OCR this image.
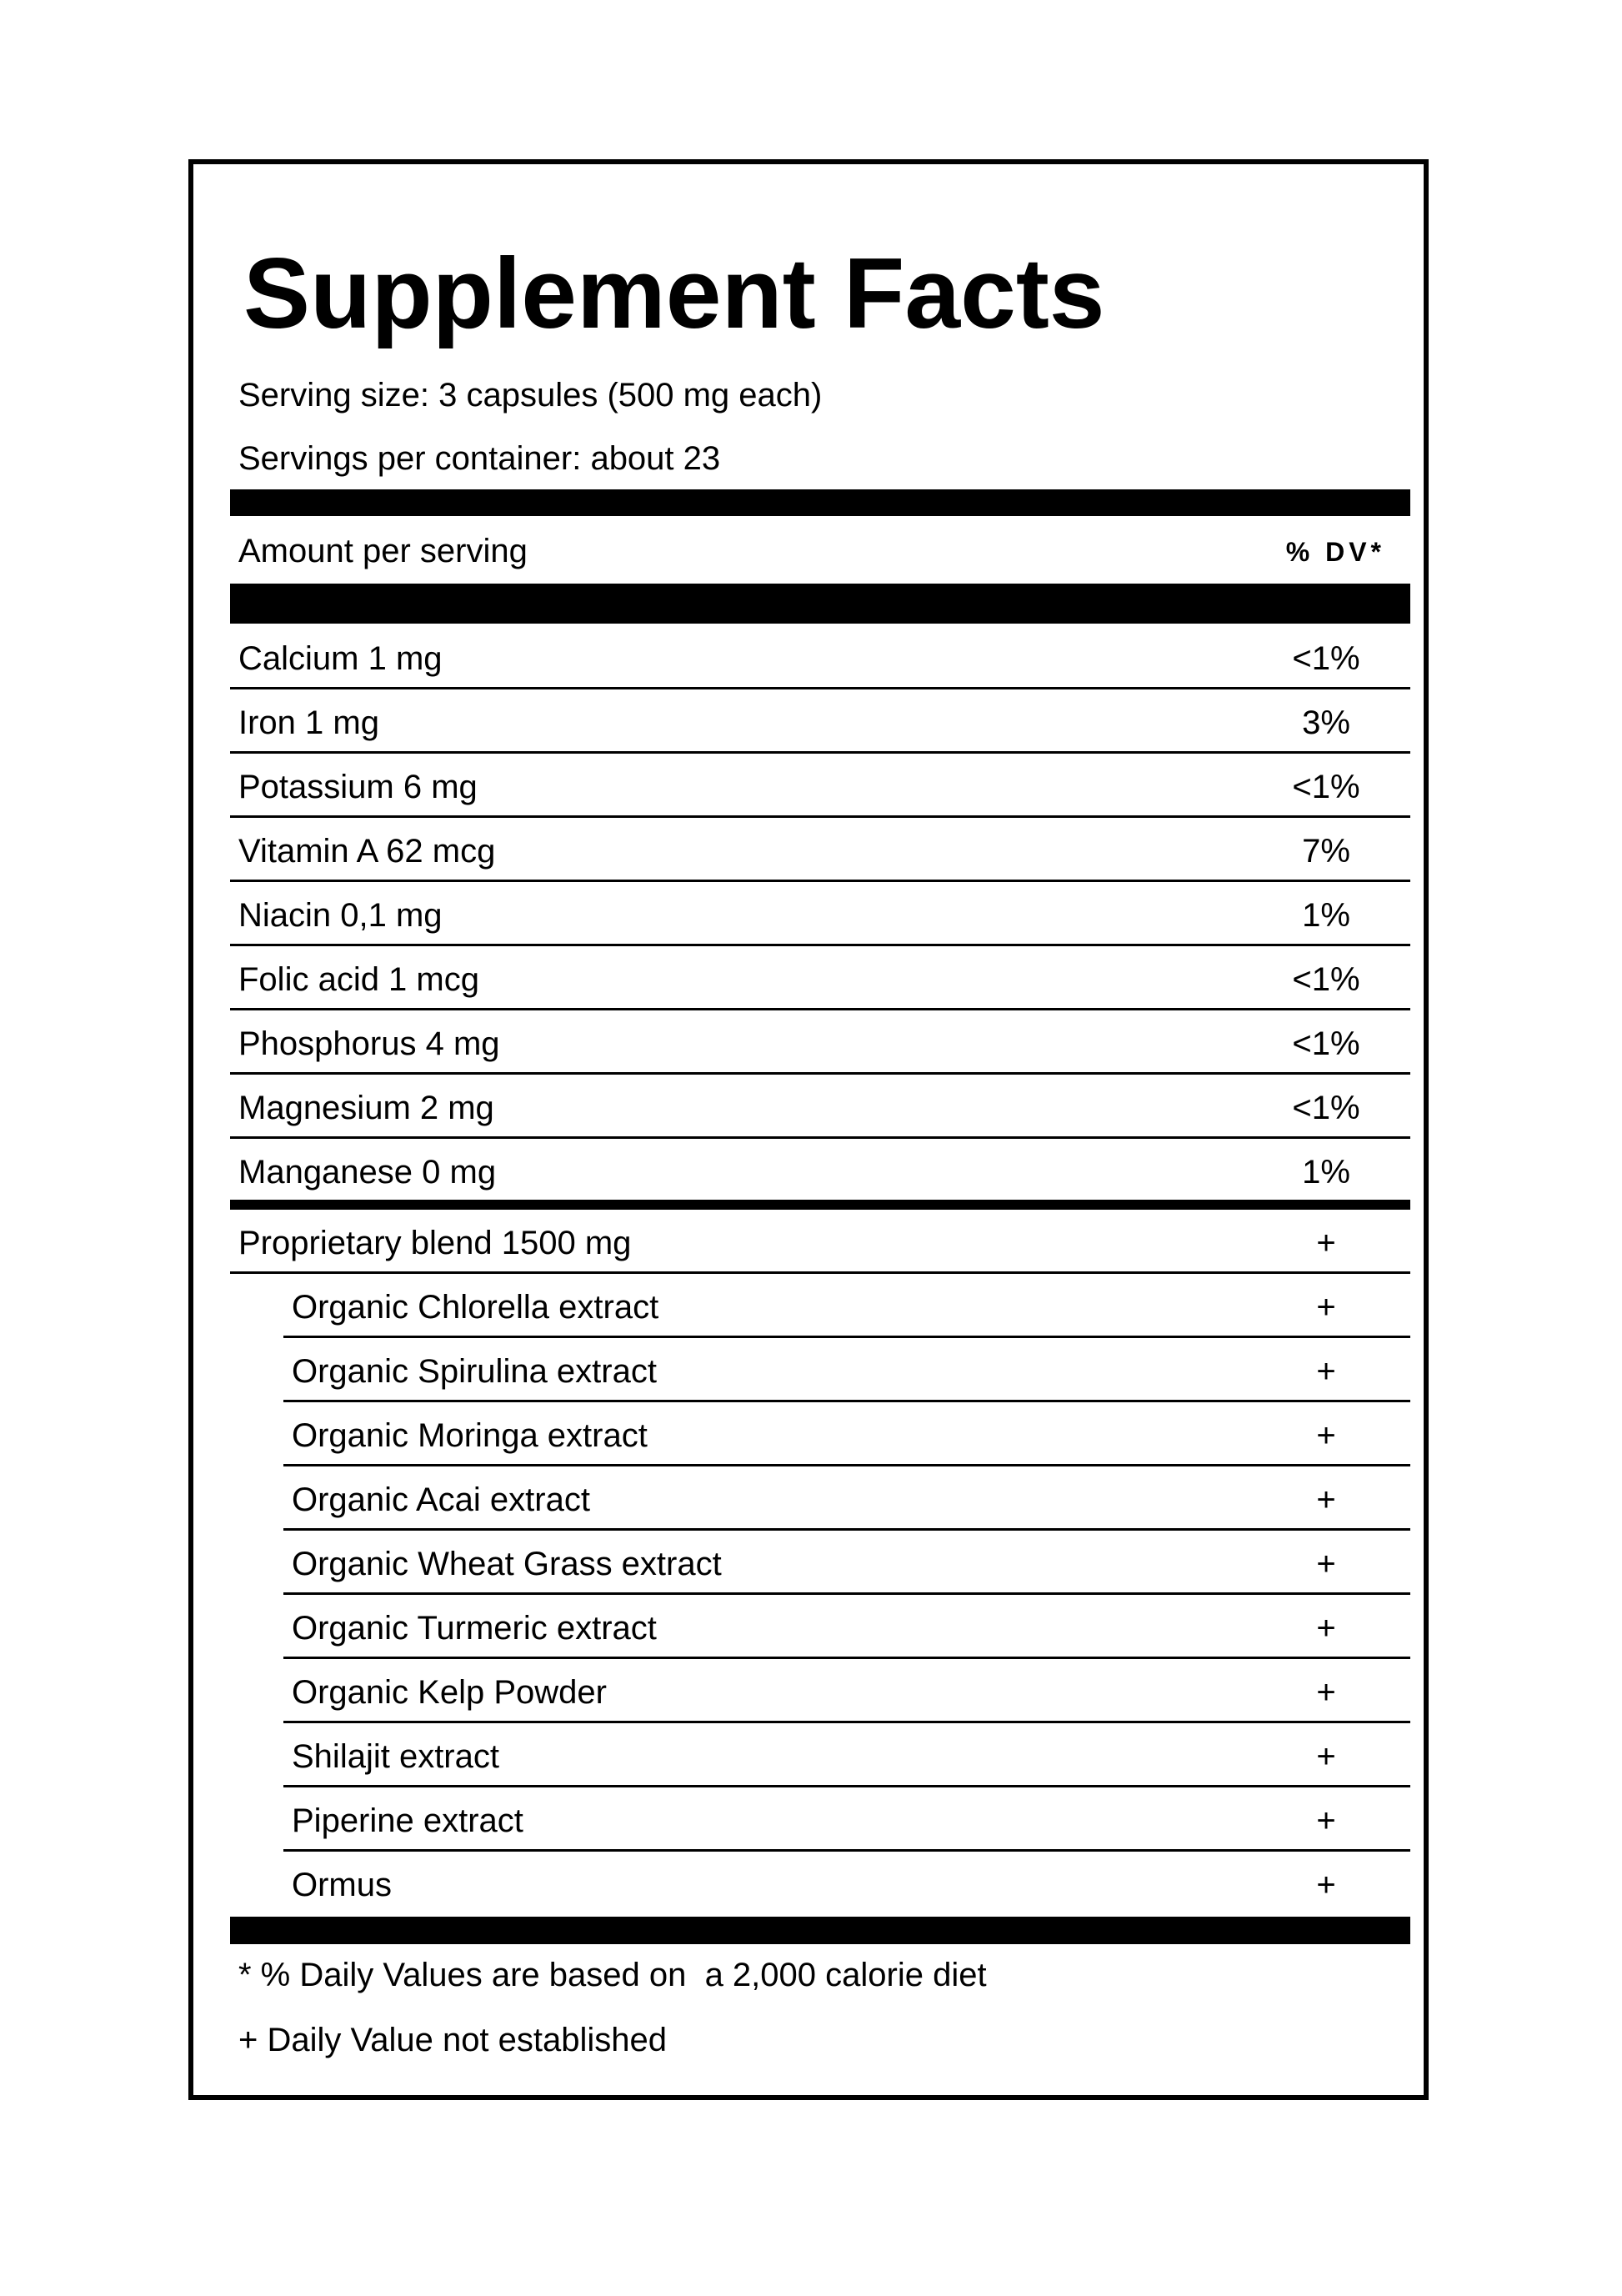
Supplement Facts
Serving size: 3 capsules (500 mg each)
Servings per container: about 23
Amount per serving	% DV*
Calcium 1 mg	<1%
Iron 1 mg	3%
Potassium 6 mg	<1%
Vitamin A 62 mcg	7%
Niacin 0,1 mg	1%
Folic acid 1 mcg	<1%
Phosphorus 4 mg	<1%
Magnesium 2 mg	<1%
Manganese 0 mg	1%
Proprietary blend 1500 mg	+
Organic Chlorella extract	+
Organic Spirulina extract	+
Organic Moringa extract	+
Organic Acai extract	+
Organic Wheat Grass extract	+
Organic Turmeric extract	+
Organic Kelp Powder	+
Shilajit extract	+
Piperine extract	+
Ormus	+
* % Daily Values are based on  a 2,000 calorie diet
+ Daily Value not established
